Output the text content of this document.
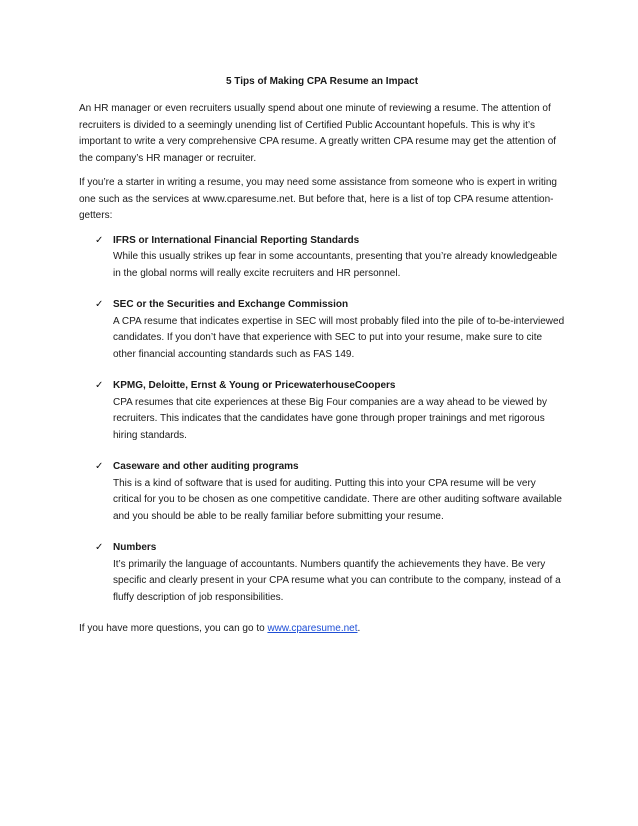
5 Tips of Making CPA Resume an Impact

An HR manager or even recruiters usually spend about one minute of reviewing a resume. The attention of recruiters is divided to a seemingly unending list of Certified Public Accountant hopefuls. This is why it’s important to write a very comprehensive CPA resume. A greatly written CPA resume may get the attention of the company’s HR manager or recruiter.

If you’re a starter in writing a resume, you may need some assistance from someone who is expert in writing one such as the services at www.cparesume.net. But before that, here is a list of top CPA resume attention-getters:

✓ IFRS or International Financial Reporting Standards
While this usually strikes up fear in some accountants, presenting that you’re already knowledgeable in the global norms will really excite recruiters and HR personnel.
✓ SEC or the Securities and Exchange Commission
A CPA resume that indicates expertise in SEC will most probably filed into the pile of to-be-interviewed candidates. If you don’t have that experience with SEC to put into your resume, make sure to cite other financial accounting standards such as FAS 149.
✓ KPMG, Deloitte, Ernst & Young or PricewaterhouseCoopers
CPA resumes that cite experiences at these Big Four companies are a way ahead to be viewed by recruiters. This indicates that the candidates have gone through proper trainings and met rigorous hiring standards.
✓ Caseware and other auditing programs
This is a kind of software that is used for auditing. Putting this into your CPA resume will be very critical for you to be chosen as one competitive candidate. There are other auditing software available and you should be able to be really familiar before submitting your resume.
✓ Numbers
It’s primarily the language of accountants. Numbers quantify the achievements they have. Be very specific and clearly present in your CPA resume what you can contribute to the company, instead of a fluffy description of job responsibilities.

If you have more questions, you can go to www.cparesume.net.
